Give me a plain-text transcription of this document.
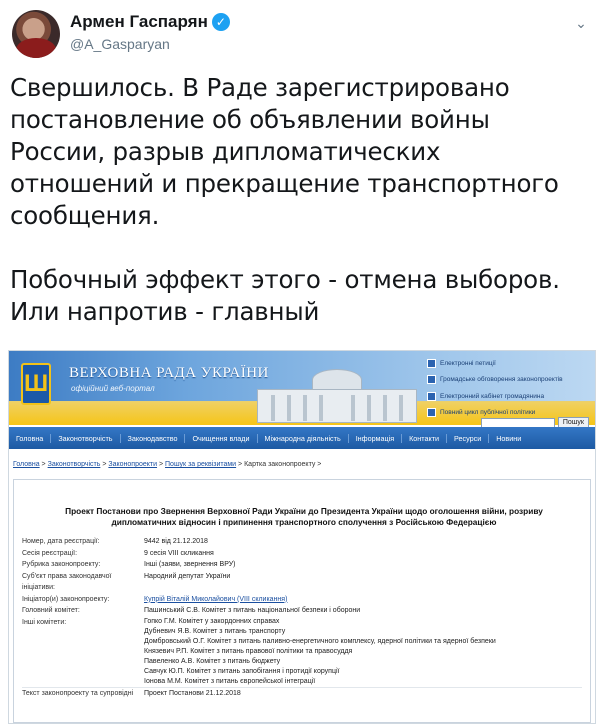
Армен Гаспарян ✓
@A_Gasparyan
⌄

Свершилось. В Раде зарегистрировано

постановление об объявлении войны

России, разрыв дипломатических

отношений и прекращение транспортного

сообщения.

Побочный эффект этого - отмена выборов.

Или напротив - главный

Ш ВЕРХОВНА РАДА УКРАЇНИ
офіційний веб-портал
Електронні петиції
Громадське обговорення законопроектів
Електронний кабінет громадянина
Повний цикл публічної політики
Пошук
Головна	Законотворчість	Законодавство	Очищення влади	Міжнародна діяльність	Інформація	Контакти	Ресурси	Новини
Головна > Законотворчість > Законопроекти > Пошук за реквізитами > Картка законопроекту >
Проект Постанови про Звернення Верховної Ради України до Президента України щодо оголошення війни, розриву дипломатичних відносин і припинення транспортного сполучення з Російською Федерацією
Номер, дата реєстрації:	9442 від 21.12.2018
Сесія реєстрації:	9 сесія VIII скликання
Рубрика законопроекту:	Інші (заяви, звернення ВРУ)
Суб'єкт права законодавчої ініціативи:
Народний депутат України
Ініціатор(и) законопроекту:	Купрій Віталій Миколайович (VIII скликання)
Головний комітет:	Пашинський С.В. Комітет з питань національної безпеки і оборони
Інші комітети:	Гопко Г.М. Комітет у закордонних справах
Дубневич Я.В. Комітет з питань транспорту
Домбровський О.Г. Комітет з питань паливно-енергетичного комплексу, ядерної політики та ядерної безпеки
Князевич Р.П. Комітет з питань правової політики та правосуддя
Павеленко А.В. Комітет з питань бюджету
Савчук Ю.П. Комітет з питань запобігання і протидії корупції
Іонова М.М. Комітет з питань європейської інтеграції
Текст законопроекту та супровідні	Проект Постанови 21.12.2018
